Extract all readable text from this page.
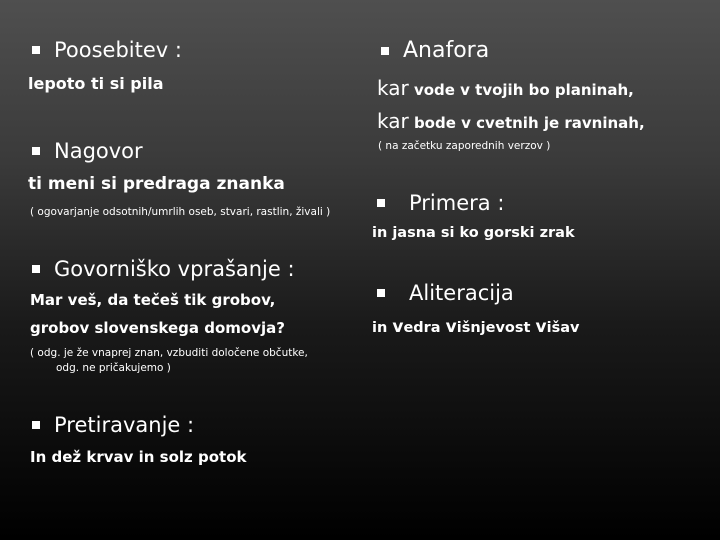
Poosebitev :
lepoto ti si pila
Nagovor
ti meni si predraga znanka
( ogovarjanje odsotnih/umrlih oseb, stvari, rastlin, živali )
Govorniško vprašanje :
Mar veš, da tečeš tik grobov,
grobov slovenskega domovja?
( odg. je že vnaprej znan, vzbuditi določene občutke,
odg. ne pričakujemo )
Pretiravanje :
In dež krvav in solz potok
Anafora
kar vode v tvojih bo planinah,
kar bode v cvetnih je ravninah,
( na začetku zaporednih verzov )
Primera :
in jasna si ko gorski zrak
Aliteracija
in vedra višnjevost višav
